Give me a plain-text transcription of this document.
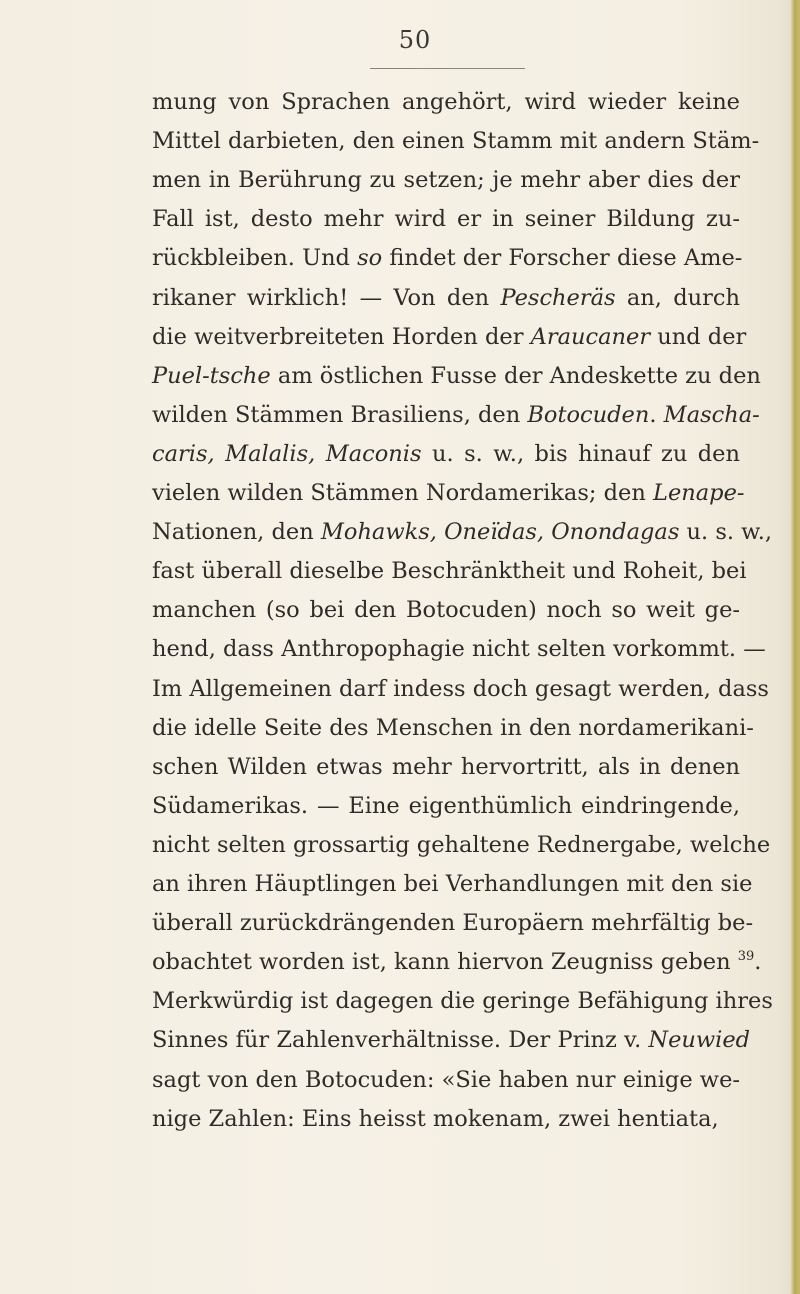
50
mung von Sprachen angehört, wird wieder keine
Mittel darbieten, den einen Stamm mit andern Stäm-
men in Berührung zu setzen; je mehr aber dies der
Fall ist, desto mehr wird er in seiner Bildung zu-
rückbleiben. Und so findet der Forscher diese Ame-
rikaner wirklich! — Von den Pescheräs an, durch
die weitverbreiteten Horden der Araucaner und der
Puel-tsche am östlichen Fusse der Andeskette zu den
wilden Stämmen Brasiliens, den Botocuden. Mascha-
caris, Malalis, Maconis u. s. w., bis hinauf zu den
vielen wilden Stämmen Nordamerikas; den Lenape-
Nationen, den Mohawks, Oneïdas, Onondagas u. s. w.,
fast überall dieselbe Beschränktheit und Roheit, bei
manchen (so bei den Botocuden) noch so weit ge-
hend, dass Anthropophagie nicht selten vorkommt. —
Im Allgemeinen darf indess doch gesagt werden, dass
die idelle Seite des Menschen in den nordamerikani-
schen Wilden etwas mehr hervortritt, als in denen
Südamerikas. — Eine eigenthümlich eindringende,
nicht selten grossartig gehaltene Rednergabe, welche
an ihren Häuptlingen bei Verhandlungen mit den sie
überall zurückdrängenden Europäern mehrfältig be-
obachtet worden ist, kann hiervon Zeugniss geben $^{39}$.
Merkwürdig ist dagegen die geringe Befähigung ihres
Sinnes für Zahlenverhältnisse. Der Prinz v. Neuwied
sagt von den Botocuden: «Sie haben nur einige we-
nige Zahlen: Eins heisst mokenam, zwei hentiata,
